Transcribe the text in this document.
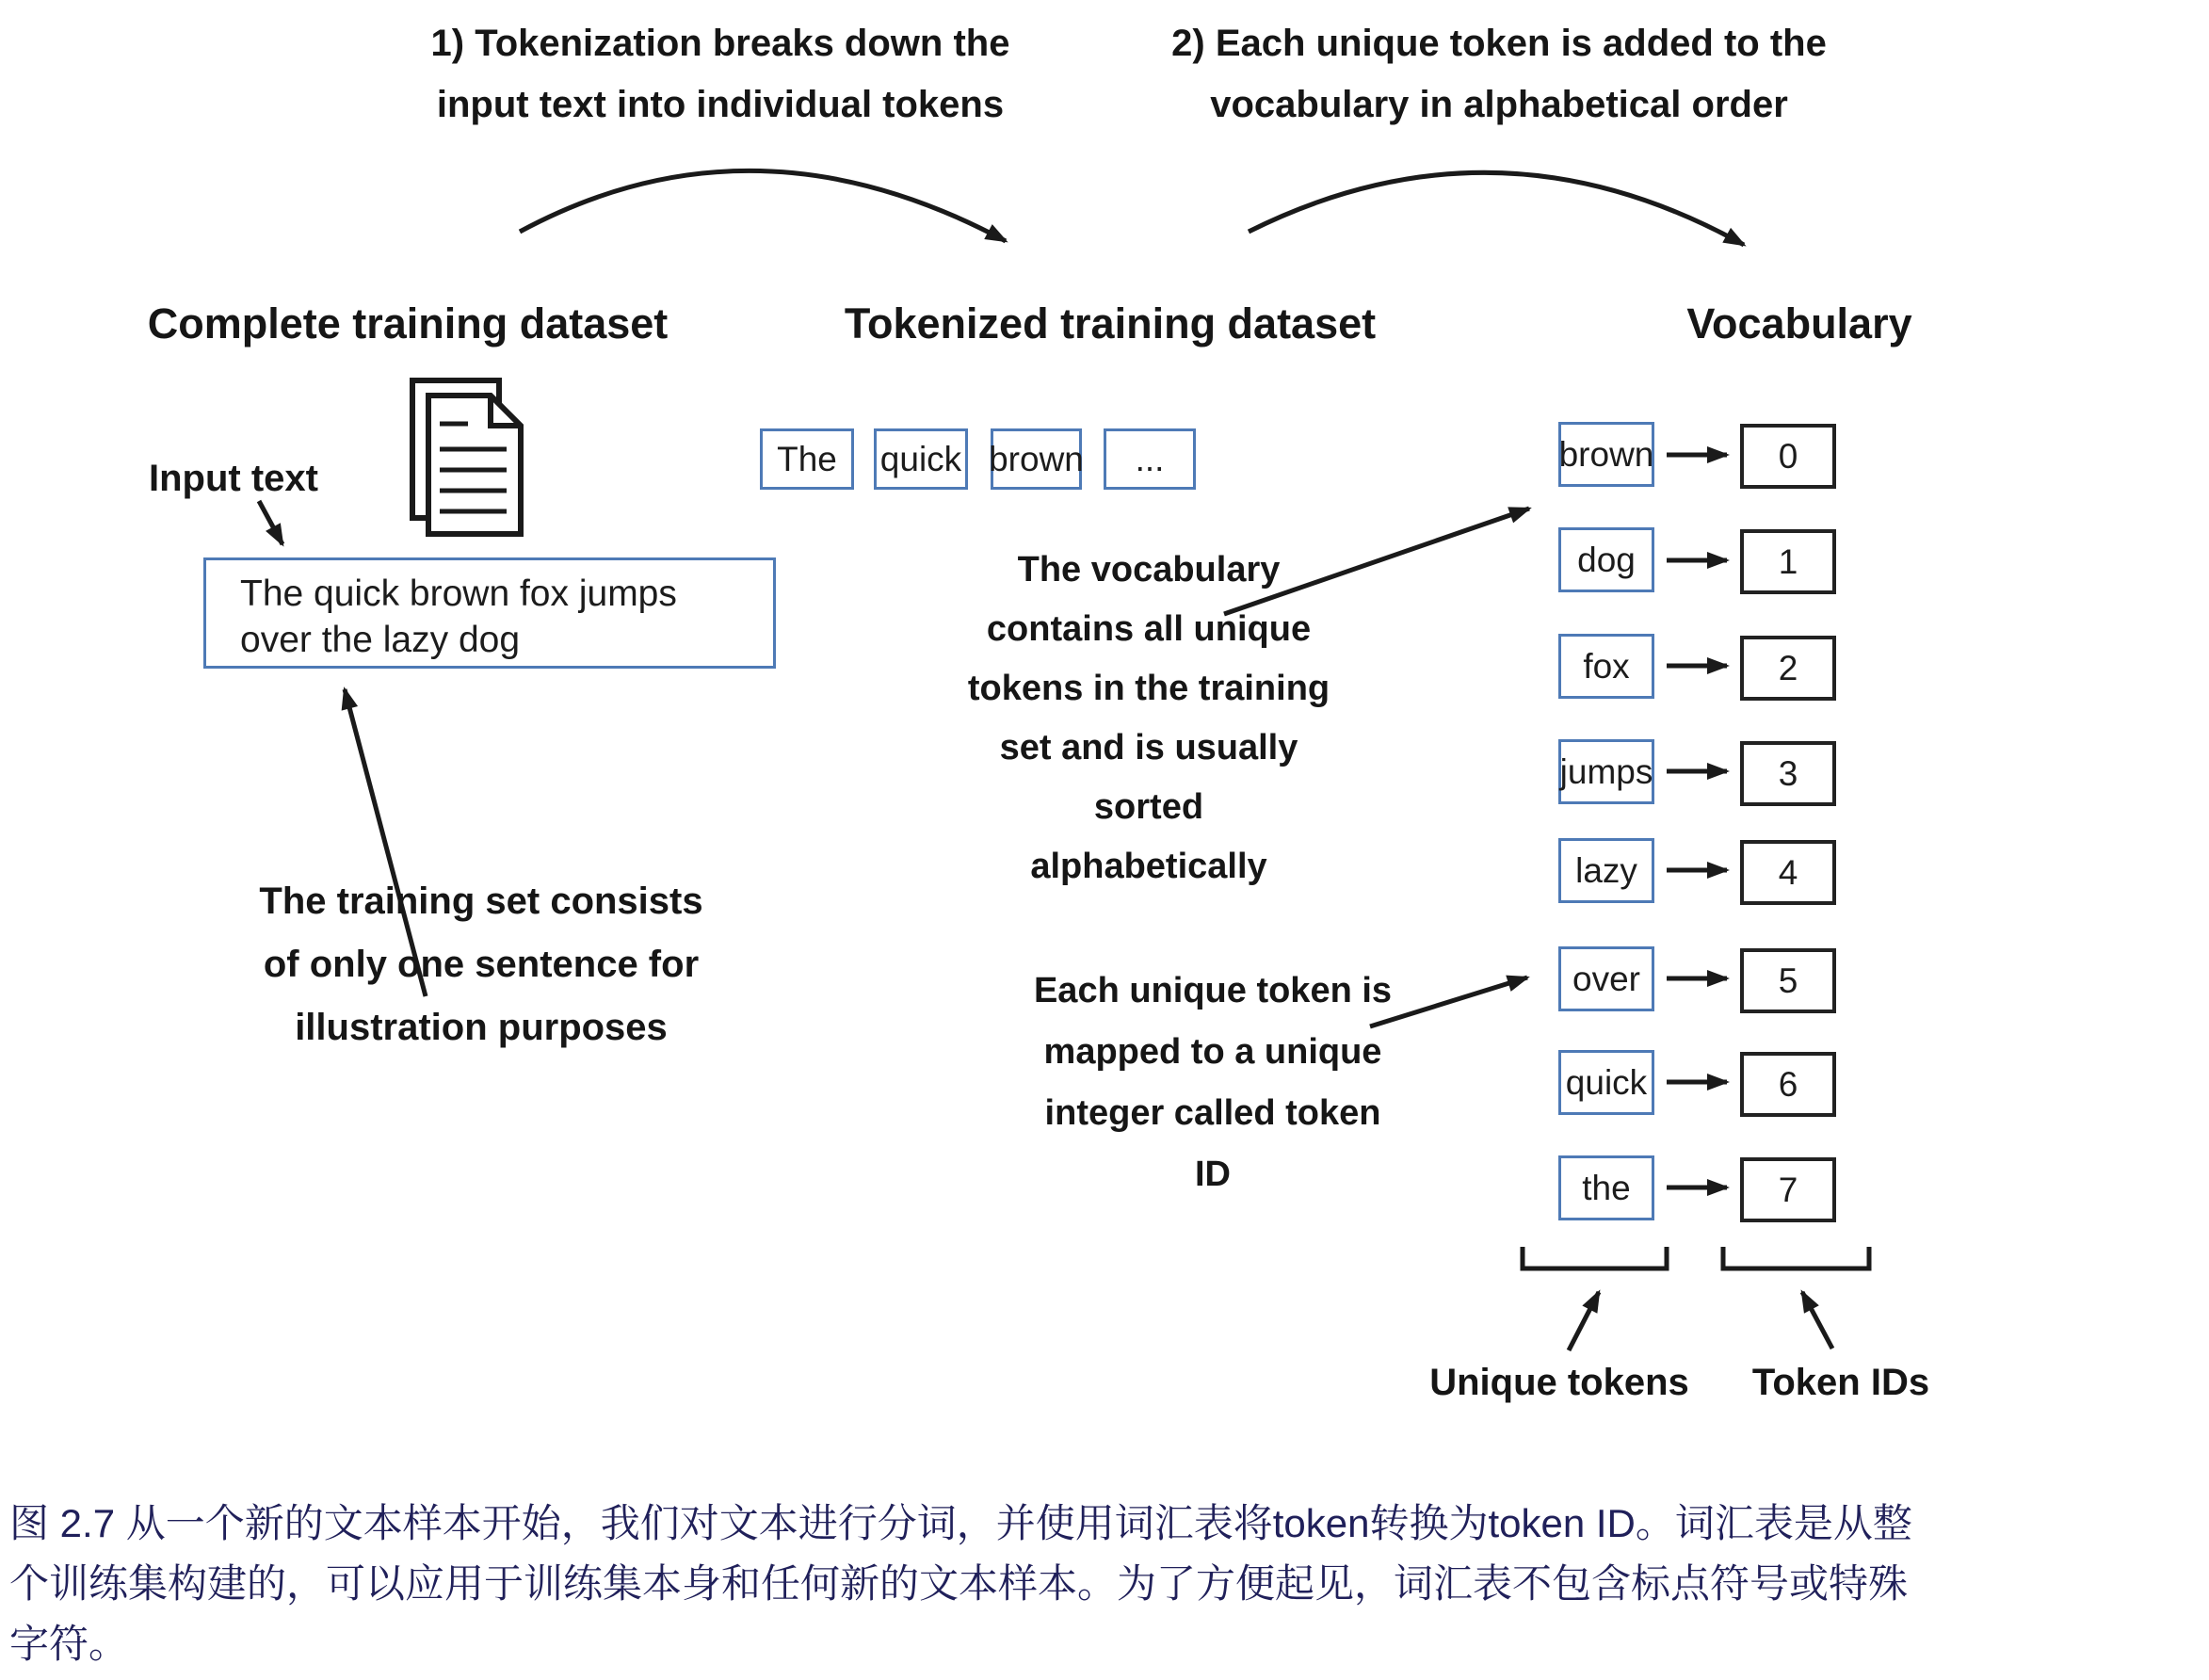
1) Tokenization breaks down the
input text into individual tokens
2) Each unique token is added to the
vocabulary in alphabetical order
Complete training dataset	Tokenized training dataset	Vocabulary
Input text
The quick brown fox jumps
over the lazy dog
The training set consists
of only one sentence for
illustration purposes
The	quick brown	...
The vocabulary
contains all unique
tokens in the training
set and is usually
sorted
alphabetically
Each unique token is
mapped to a unique
integer called token
ID
brown	0
dog	1
fox	2
jumps	3
lazy	4
over	5
quick	6
the	7
Unique tokens Token IDs
图 2.7 从一个新的文本样本开始，我们对文本进行分词，并使用词汇表将token转换为token ID。词汇表是从整
个训练集构建的，可以应用于训练集本身和任何新的文本样本。为了方便起见，词汇表不包含标点符号或特殊
字符。
